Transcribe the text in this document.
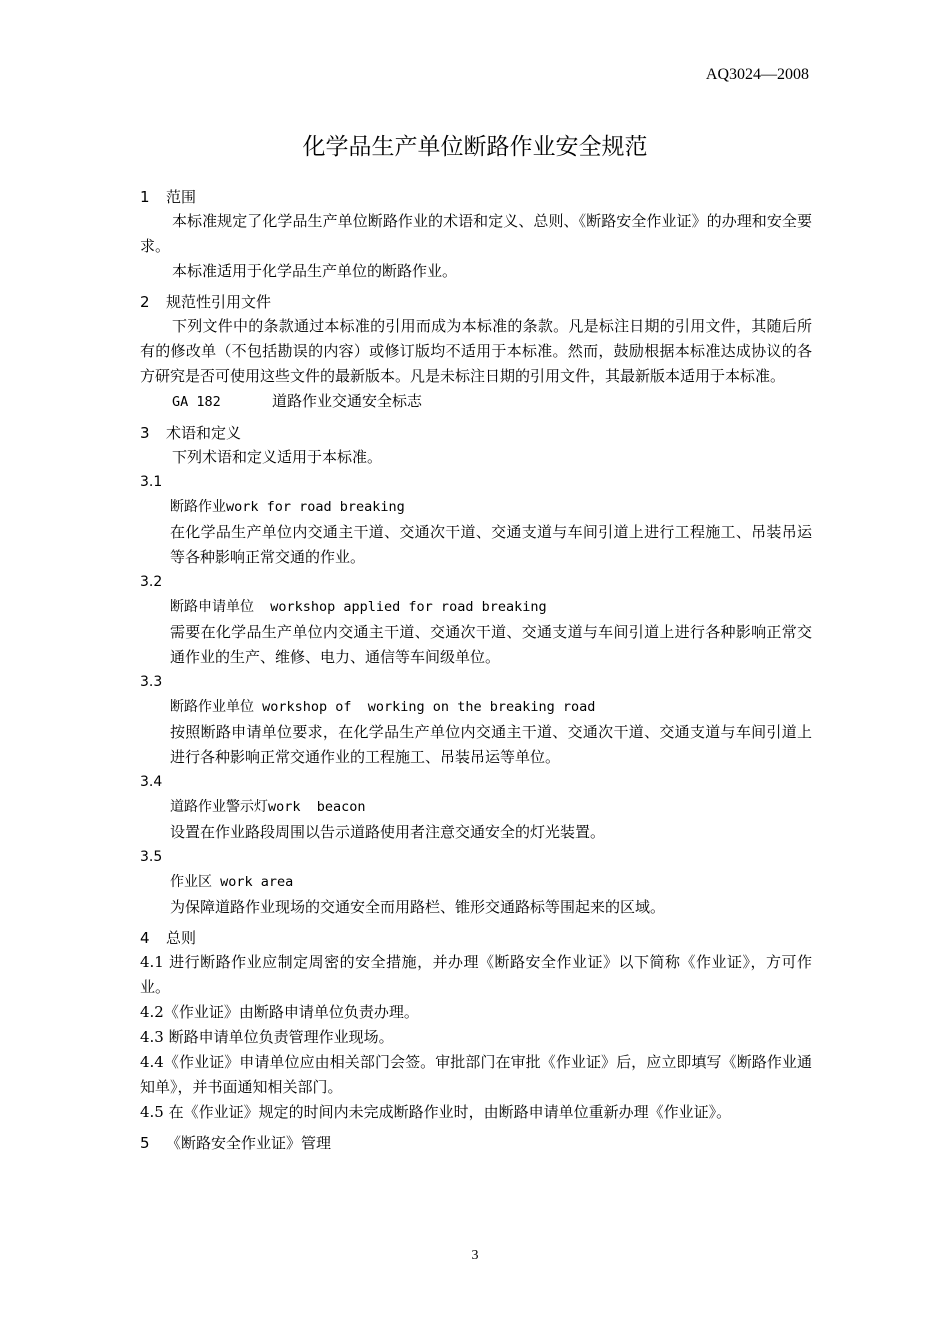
AQ3024—2008
化学品生产单位断路作业安全规范
1 范围

本标准规定了化学品生产单位断路作业的术语和定义、总则、《断路安全作业证》的办理和安全要求。

本标准适用于化学品生产单位的断路作业。

2 规范性引用文件

下列文件中的条款通过本标准的引用而成为本标准的条款。凡是标注日期的引用文件，其随后所有的修改单（不包括勘误的内容）或修订版均不适用于本标准。然而，鼓励根据本标准达成协议的各方研究是否可使用这些文件的最新版本。凡是未标注日期的引用文件，其最新版本适用于本标准。

GA 182	道路作业交通安全标志
3 术语和定义

下列术语和定义适用于本标准。

3.1
断路作业work for road breaking

在化学品生产单位内交通主干道、交通次干道、交通支道与车间引道上进行工程施工、吊装吊运等各种影响正常交通的作业。

3.2
断路申请单位  workshop applied for road breaking

需要在化学品生产单位内交通主干道、交通次干道、交通支道与车间引道上进行各种影响正常交通作业的生产、维修、电力、通信等车间级单位。

3.3
断路作业单位 workshop of  working on the breaking road

按照断路申请单位要求，在化学品生产单位内交通主干道、交通次干道、交通支道与车间引道上进行各种影响正常交通作业的工程施工、吊装吊运等单位。

3.4
道路作业警示灯work  beacon

设置在作业路段周围以告示道路使用者注意交通安全的灯光装置。

3.5
作业区 work area

为保障道路作业现场的交通安全而用路栏、锥形交通路标等围起来的区域。

4 总则

4.1 进行断路作业应制定周密的安全措施，并办理《断路安全作业证》以下简称《作业证》，方可作业。

4.2《作业证》由断路申请单位负责办理。

4.3 断路申请单位负责管理作业现场。

4.4《作业证》申请单位应由相关部门会签。审批部门在审批《作业证》后，应立即填写《断路作业通知单》，并书面通知相关部门。

4.5 在《作业证》规定的时间内未完成断路作业时，由断路申请单位重新办理《作业证》。

5 《断路安全作业证》管理
3
